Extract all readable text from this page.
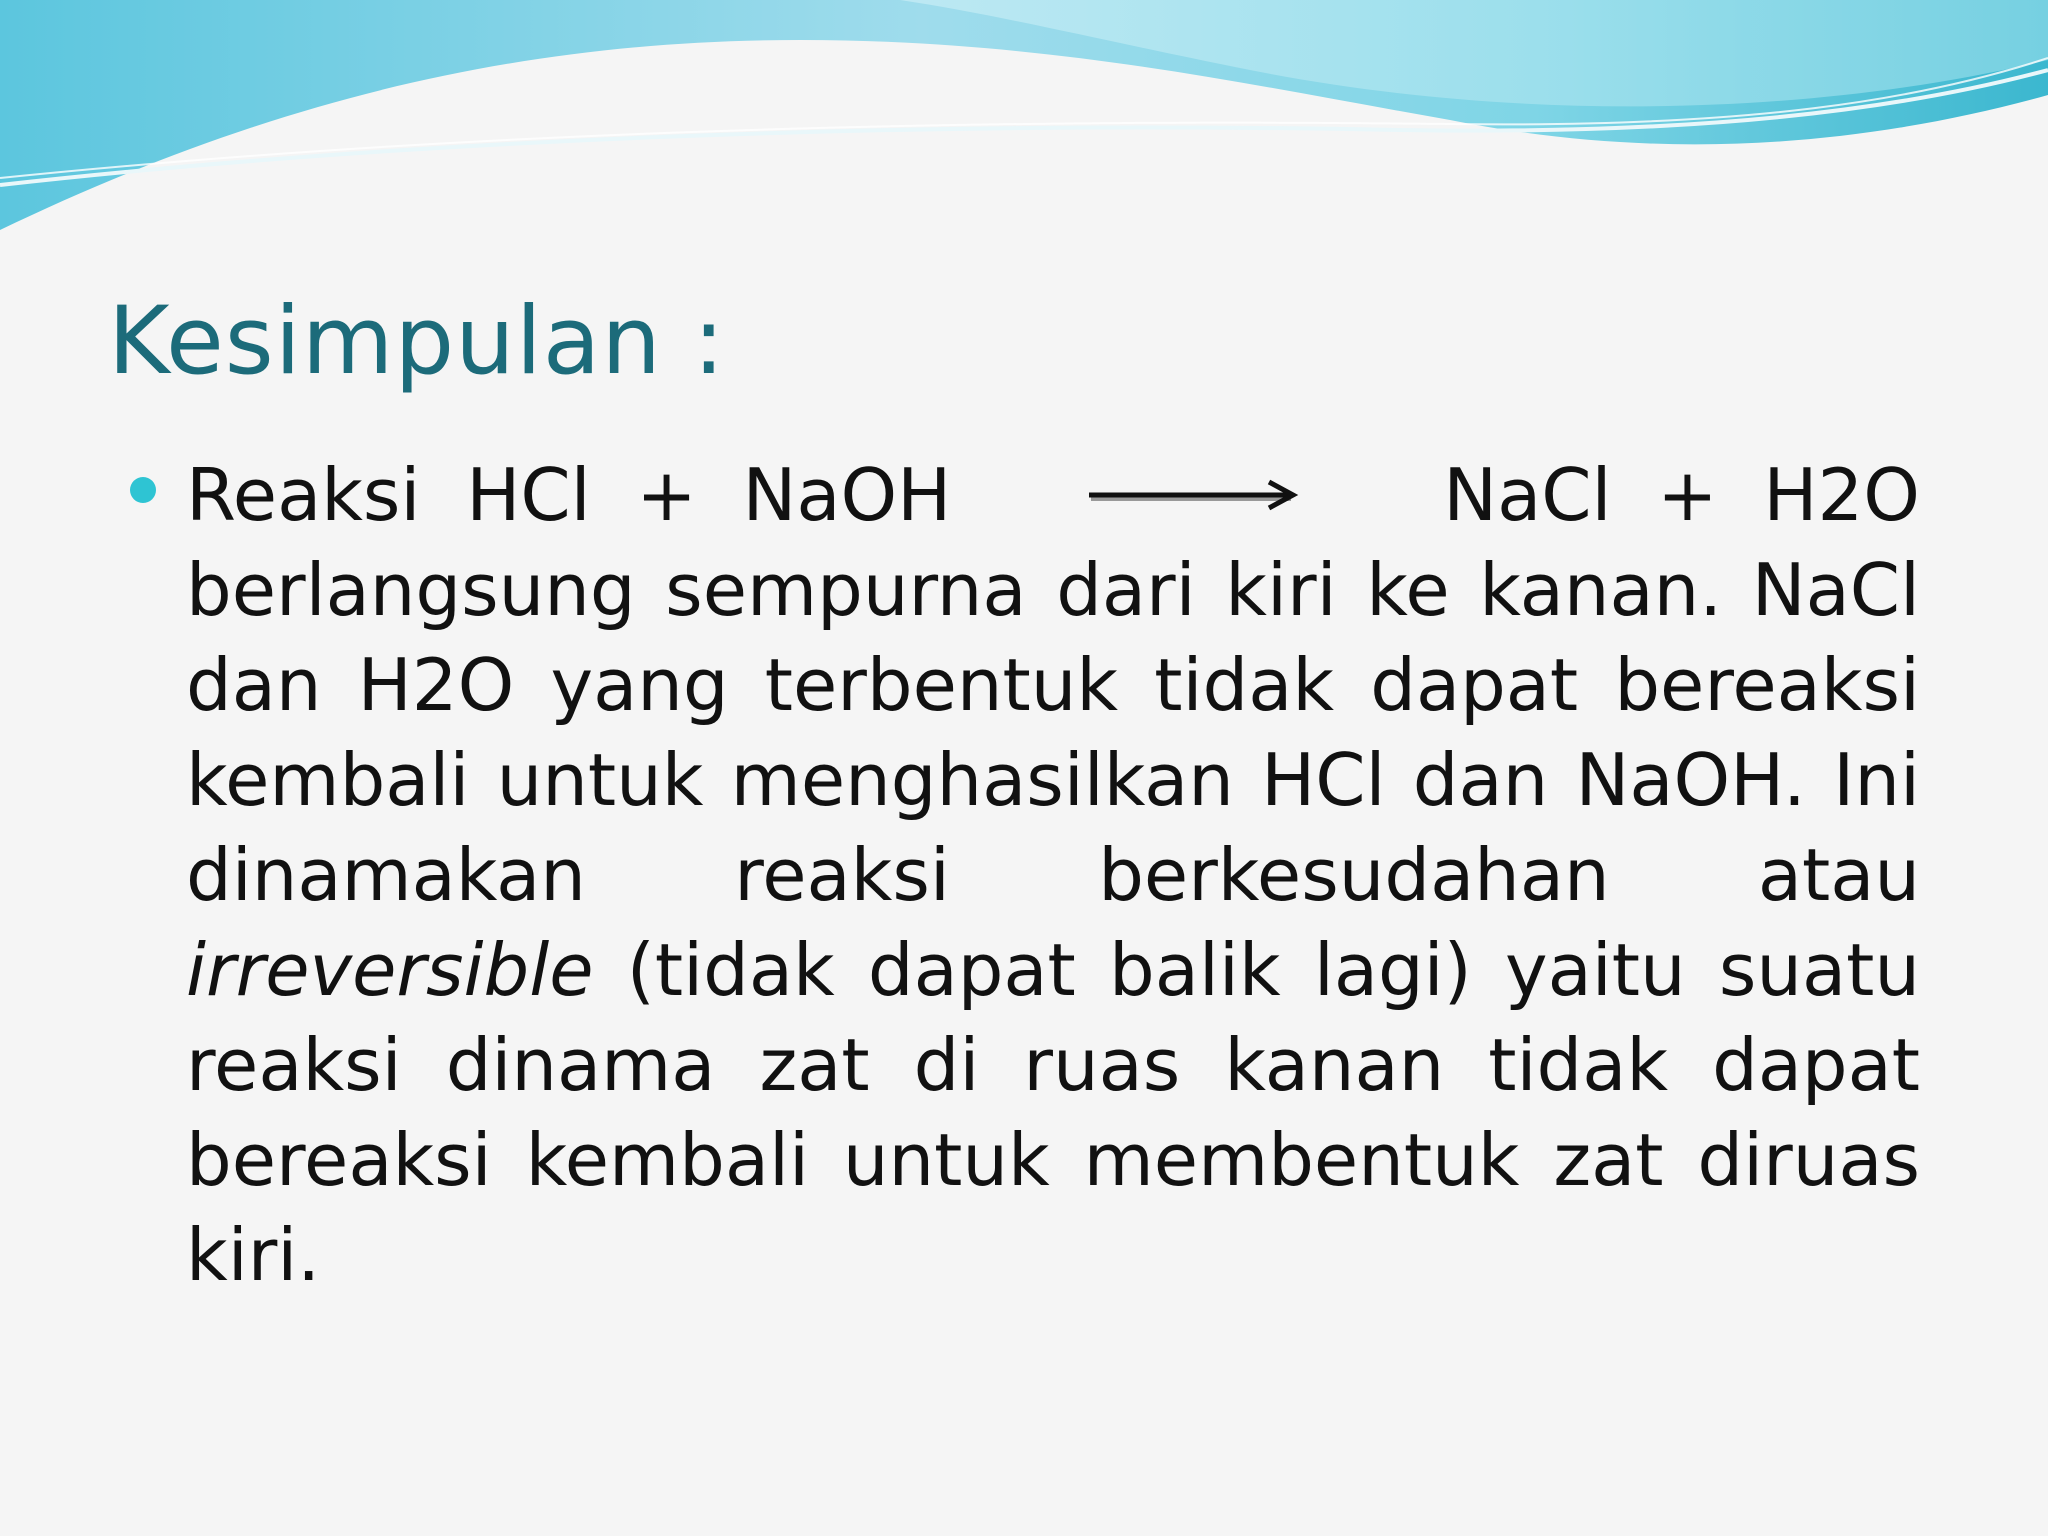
Kesimpulan :
Reaksi  HCl  +  NaOH	NaCl  +  H2O
berlangsung sempurna dari kiri ke kanan. NaCl dan H2O yang terbentuk tidak dapat bereaksi kembali untuk menghasilkan HCl dan NaOH. Ini dinamakan reaksi berkesudahan atau irreversible (tidak dapat balik lagi) yaitu suatu reaksi dinama zat di ruas kanan tidak dapat bereaksi kembali untuk membentuk zat diruas kiri.
